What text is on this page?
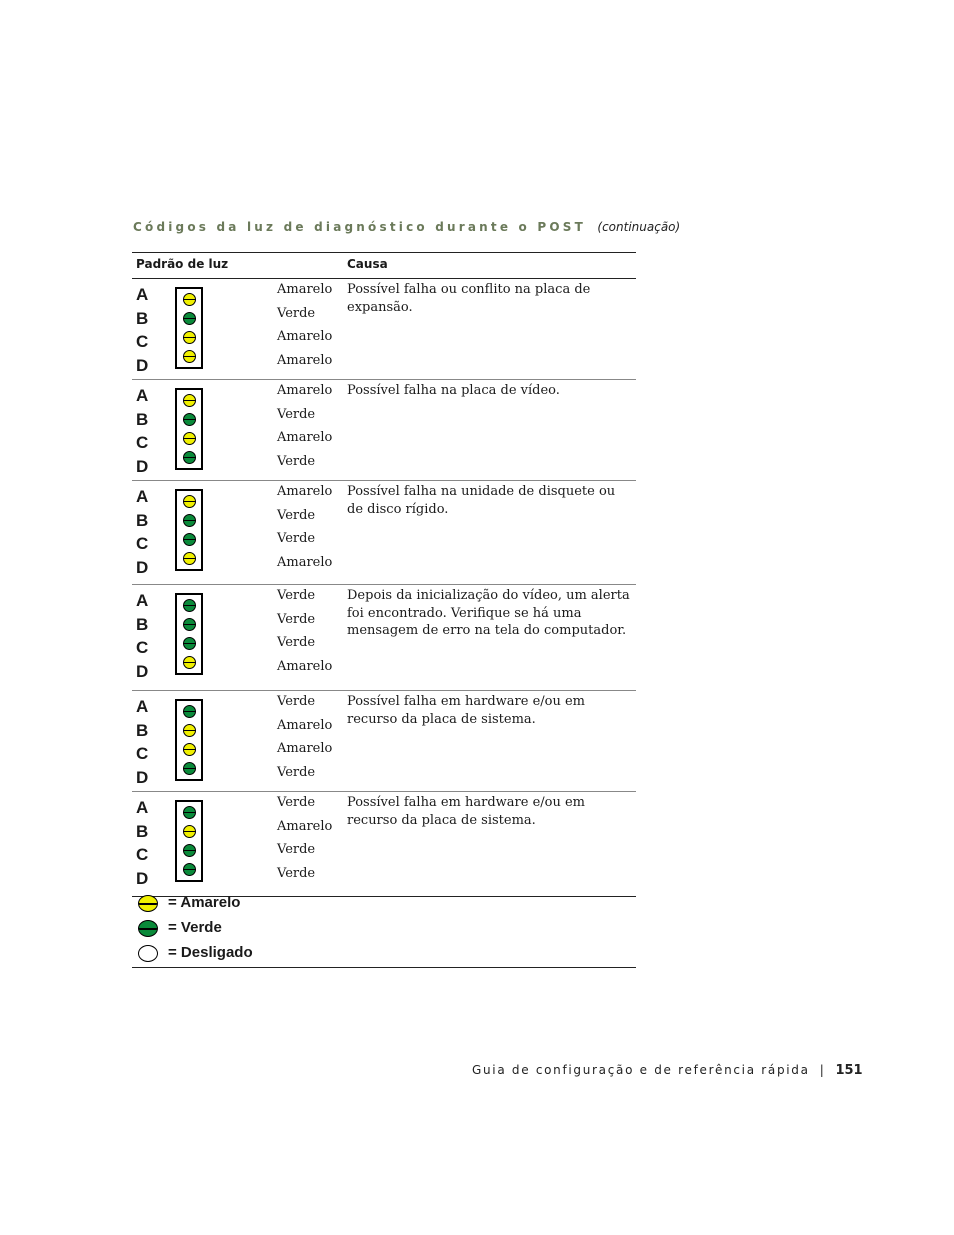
Códigos da luz de diagnóstico durante o POST (continuação)
Padrão de luz	Causa
A
B
C
D
Amarelo
Verde
Amarelo
Amarelo
Possível falha ou conflito na placa de expansão.
A
B
C
D
Amarelo
Verde
Amarelo
Verde
Possível falha na placa de vídeo.
A
B
C
D
Amarelo
Verde
Verde
Amarelo
Possível falha na unidade de disquete ou de disco rígido.
A
B
C
D
Verde
Verde
Verde
Amarelo
Depois da inicialização do vídeo, um alerta foi encontrado. Verifique se há uma mensagem de erro na tela do computador.
A
B
C
D
Verde
Amarelo
Amarelo
Verde
Possível falha em hardware e/ou em recurso da placa de sistema.
A
B
C
D
Verde
Amarelo
Verde
Verde
Possível falha em hardware e/ou em recurso da placa de sistema.
= Amarelo
= Verde
= Desligado
Guia de configuração e de referência rápida | 151
